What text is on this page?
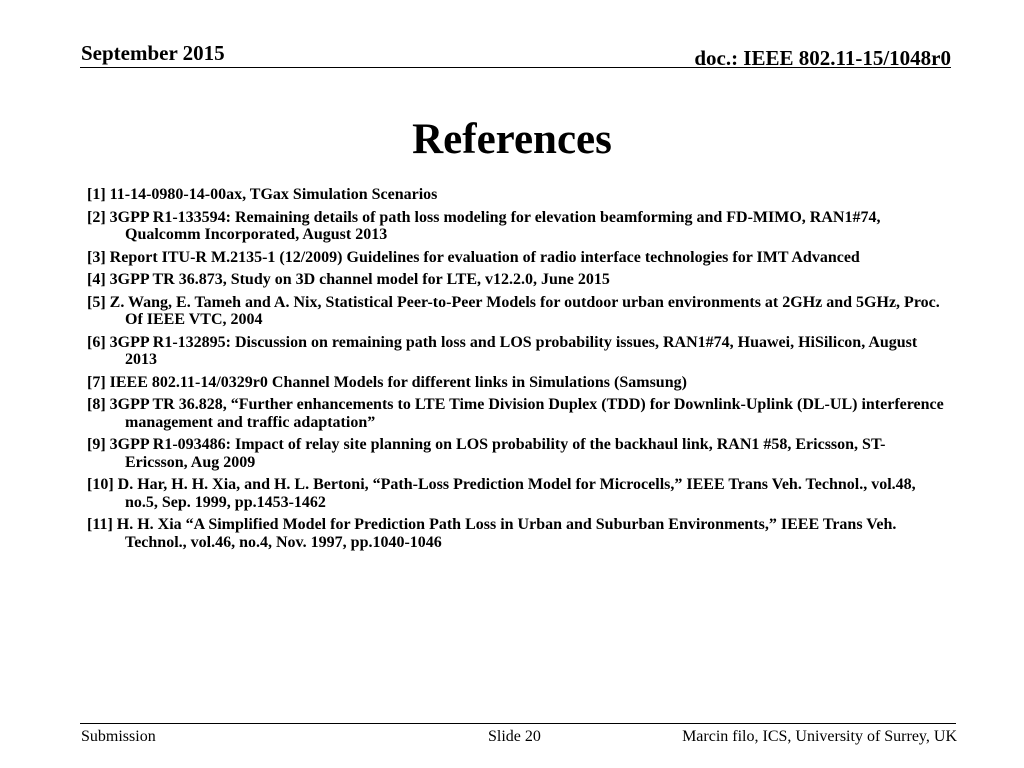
September 2015	doc.: IEEE 802.11-15/1048r0
References
[1] 11-14-0980-14-00ax, TGax Simulation Scenarios
[2] 3GPP R1-133594: Remaining details of path loss modeling for elevation beamforming and FD-MIMO, RAN1#74, Qualcomm Incorporated, August 2013
[3] Report ITU-R M.2135-1 (12/2009) Guidelines for evaluation of radio interface technologies for IMT Advanced
[4] 3GPP TR 36.873, Study on 3D channel model for LTE, v12.2.0, June 2015
[5] Z. Wang, E. Tameh and A. Nix, Statistical Peer-to-Peer Models for outdoor urban environments at 2GHz and 5GHz, Proc. Of IEEE VTC, 2004
[6] 3GPP R1-132895: Discussion on remaining path loss and LOS probability issues, RAN1#74, Huawei, HiSilicon, August 2013
[7] IEEE 802.11-14/0329r0 Channel Models for different links in Simulations (Samsung)
[8] 3GPP TR 36.828, “Further enhancements to LTE Time Division Duplex (TDD) for Downlink-Uplink (DL-UL) interference management and traffic adaptation”
[9] 3GPP R1-093486: Impact of relay site planning on LOS probability of the backhaul link, RAN1 #58, Ericsson, ST-Ericsson, Aug 2009
[10] D. Har, H. H. Xia, and H. L. Bertoni, “Path-Loss Prediction Model for Microcells,” IEEE Trans Veh. Technol., vol.48, no.5, Sep. 1999, pp.1453-1462
[11] H. H. Xia “A Simplified Model for Prediction Path Loss in Urban and Suburban Environments,” IEEE Trans Veh. Technol., vol.46, no.4, Nov. 1997, pp.1040-1046
Submission	Slide 20	Marcin filo, ICS, University of Surrey, UK
